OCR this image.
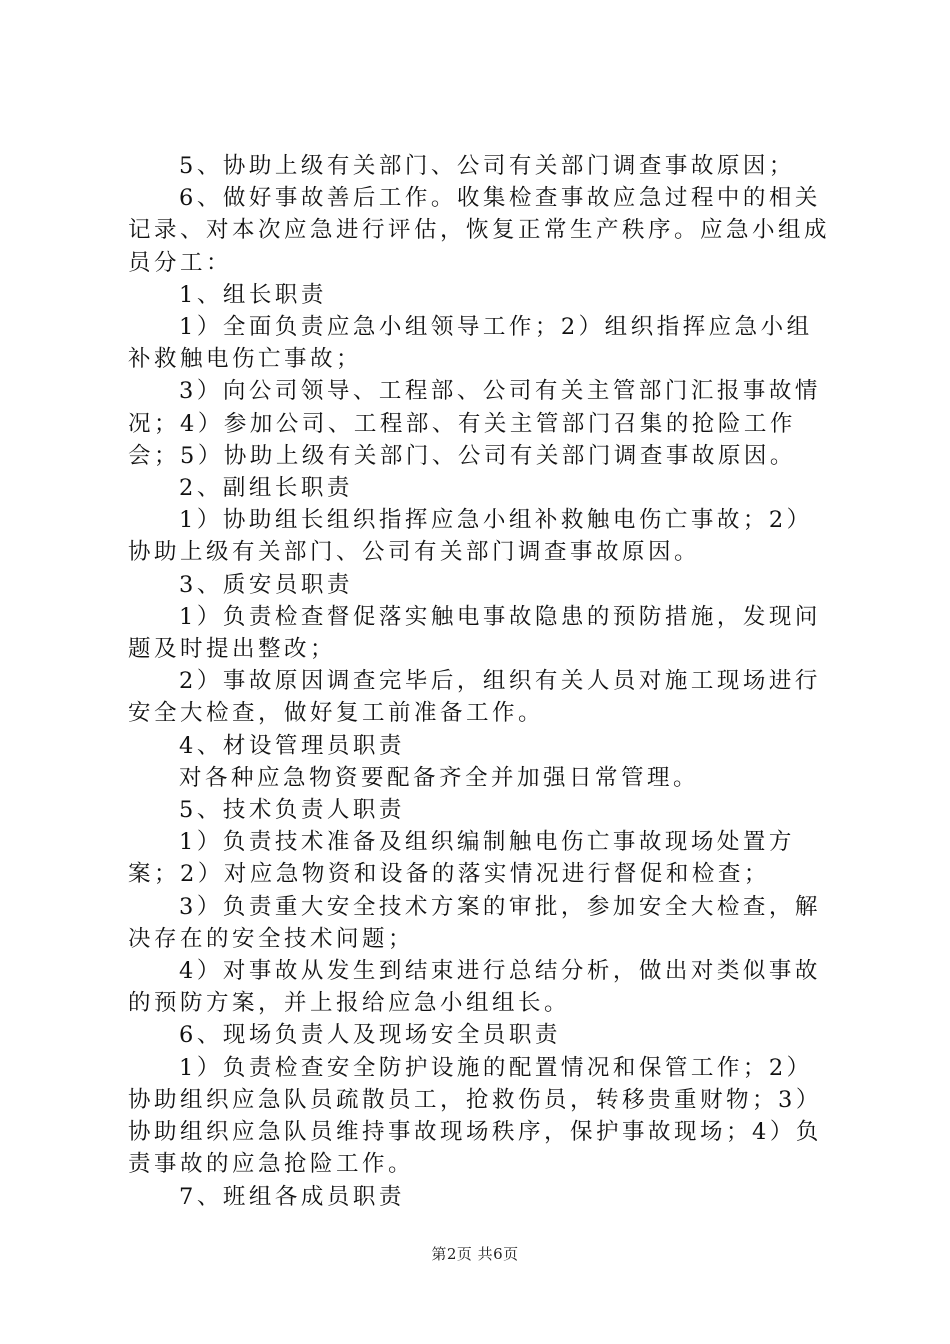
5、协助上级有关部门、公司有关部门调查事故原因；

6、做好事故善后工作。收集检查事故应急过程中的相关记录、对本次应急进行评估，恢复正常生产秩序。应急小组成员分工：

1、组长职责

1）全面负责应急小组领导工作；2）组织指挥应急小组补救触电伤亡事故；

3）向公司领导、工程部、公司有关主管部门汇报事故情况；4）参加公司、工程部、有关主管部门召集的抢险工作会；5）协助上级有关部门、公司有关部门调查事故原因。

2、副组长职责

1）协助组长组织指挥应急小组补救触电伤亡事故；2）协助上级有关部门、公司有关部门调查事故原因。

3、质安员职责

1）负责检查督促落实触电事故隐患的预防措施，发现问题及时提出整改；

2）事故原因调查完毕后，组织有关人员对施工现场进行安全大检查，做好复工前准备工作。

4、材设管理员职责

对各种应急物资要配备齐全并加强日常管理。

5、技术负责人职责

1）负责技术准备及组织编制触电伤亡事故现场处置方案；2）对应急物资和设备的落实情况进行督促和检查；

3）负责重大安全技术方案的审批，参加安全大检查，解决存在的安全技术问题；

4）对事故从发生到结束进行总结分析，做出对类似事故的预防方案，并上报给应急小组组长。

6、现场负责人及现场安全员职责

1）负责检查安全防护设施的配置情况和保管工作；2）协助组织应急队员疏散员工，抢救伤员，转移贵重财物；3）协助组织应急队员维持事故现场秩序，保护事故现场；4）负责事故的应急抢险工作。

7、班组各成员职责

第2页 共6页
